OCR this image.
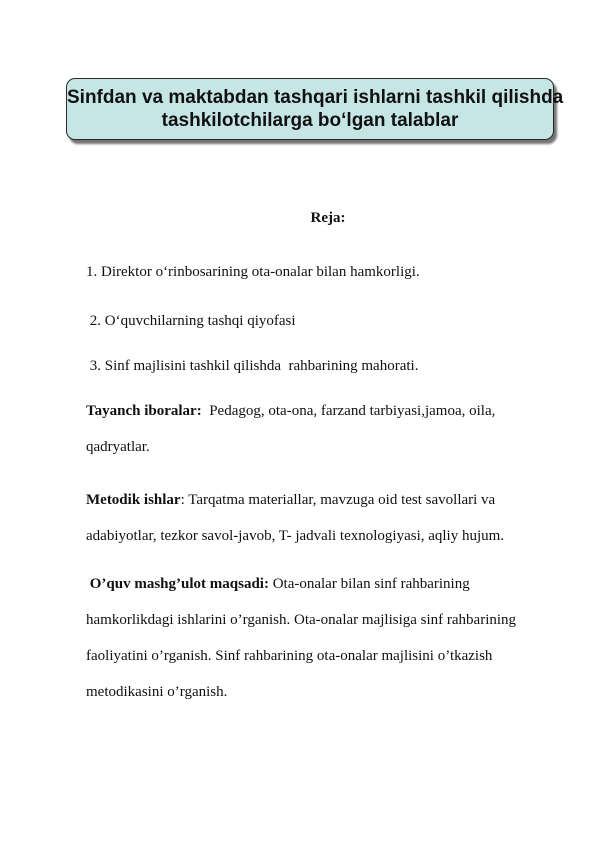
Sinfdan va maktabdan tashqari ishlarni tashkil qilishda
tashkilotchilarga bo‘lgan talablar
Reja:
1. Direktor o‘rinbosarining ota-onalar bilan hamkorligi.
2. O‘quvchilarning tashqi qiyofasi
3. Sinf majlisini tashkil qilishda  rahbarining mahorati.
Tayanch iboralar:  Pedagog, ota-ona, farzand tarbiyasi,jamoa, oila, qadryatlar.
Metodik ishlar: Tarqatma materiallar, mavzuga oid test savollari va adabiyotlar, tezkor savol-javob, T- jadvali texnologiyasi, aqliy hujum.
O’quv mashg’ulot maqsadi: Ota-onalar bilan sinf rahbarining hamkorlikdagi ishlarini o’rganish. Ota-onalar majlisiga sinf rahbarining faoliyatini o’rganish. Sinf rahbarining ota-onalar majlisini o’tkazish metodikasini o’rganish.
